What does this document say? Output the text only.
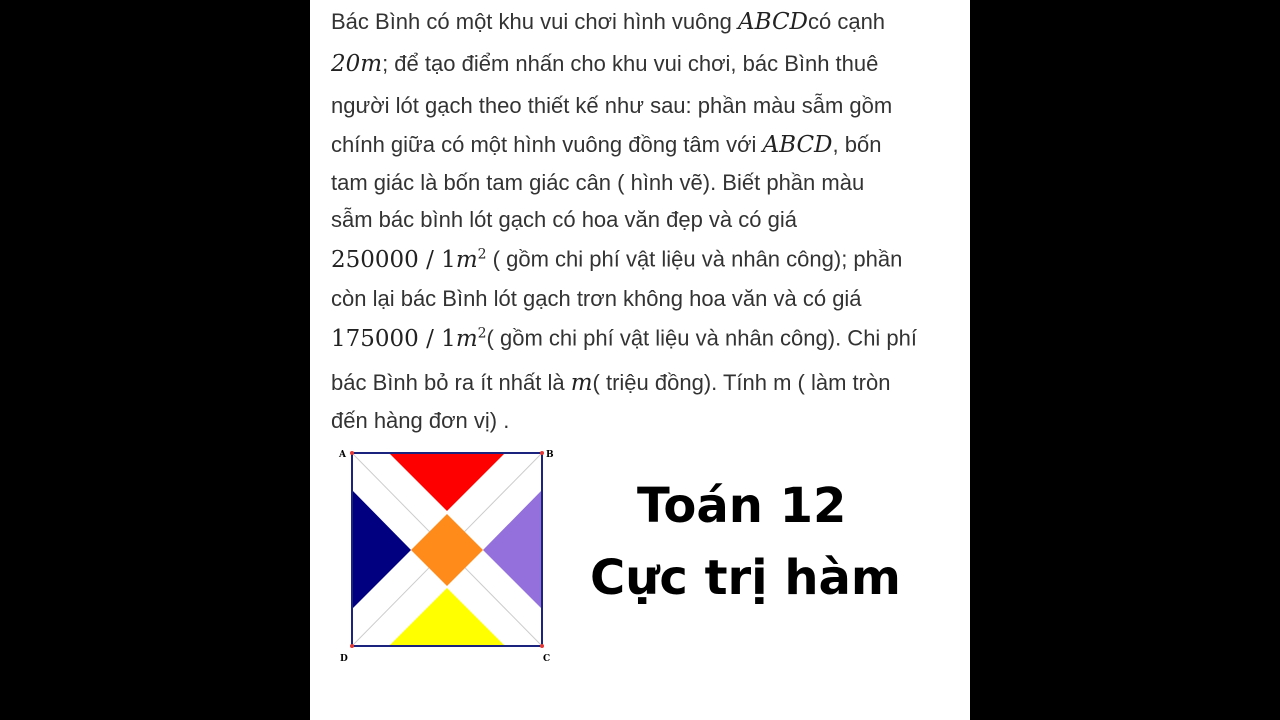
Bác Bình có một khu vui chơi hình vuông ABCDcó cạnh
20m; để tạo điểm nhấn cho khu vui chơi, bác Bình thuê
người lót gạch theo thiết kế như sau: phần màu sẫm gồm
chính giữa có một hình vuông đồng tâm với ABCD, bốn
tam giác là bốn tam giác cân ( hình vẽ). Biết phần màu
sẫm bác bình lót gạch có hoa văn đẹp và có giá
$250000 / 1m^2$ ( gồm chi phí vật liệu và nhân công); phần
còn lại bác Bình lót gạch trơn không hoa văn và có giá
$175000 / 1m^2$( gồm chi phí vật liệu và nhân công). Chi phí
bác Bình bỏ ra ít nhất là m( triệu đồng). Tính m ( làm tròn
đến hàng đơn vị) .
A	B
C
D
Toán 12
Cực trị hàm
